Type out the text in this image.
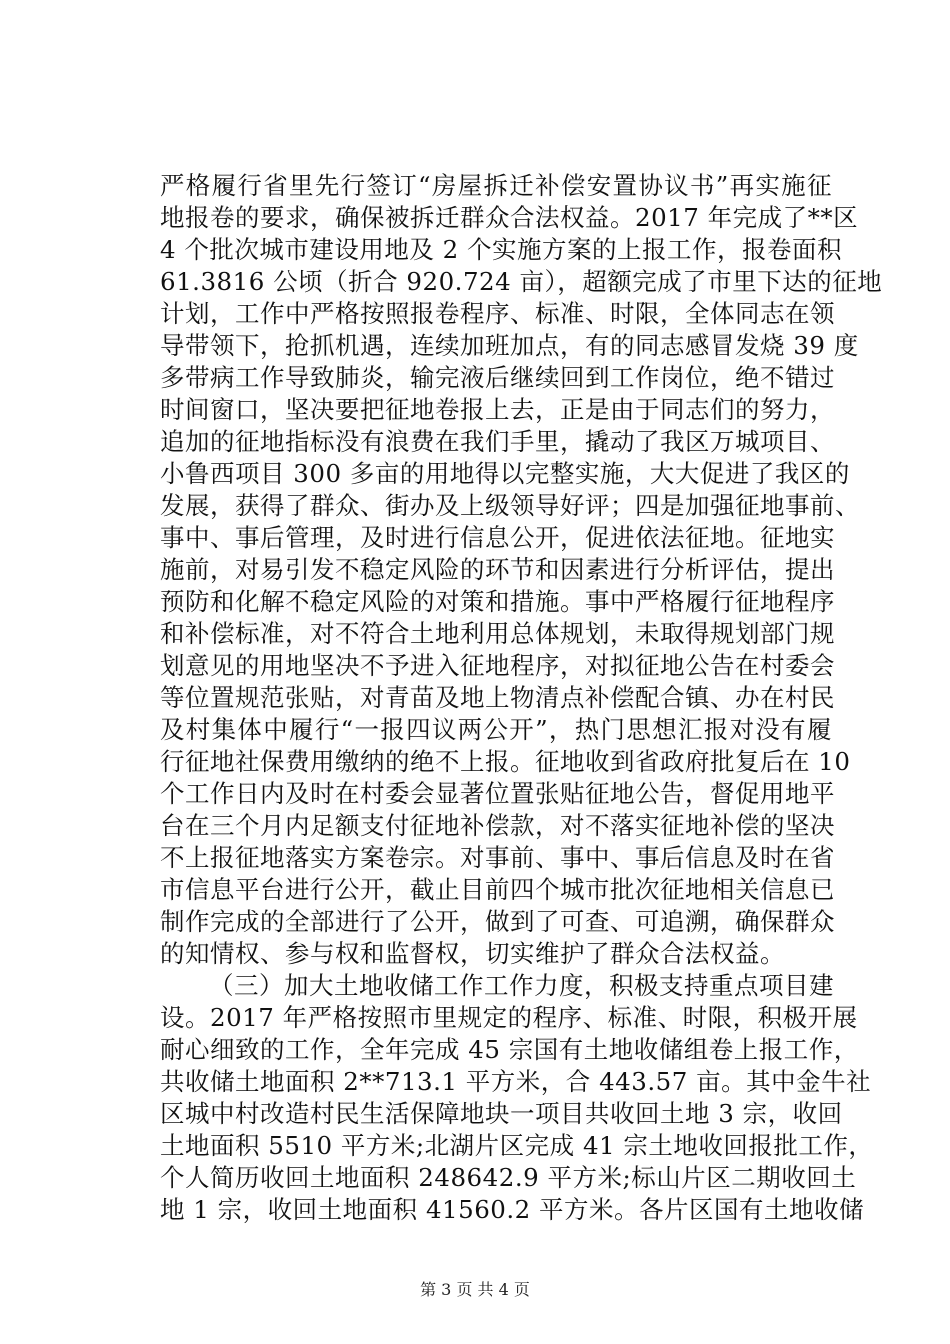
严格履行省里先行签订“房屋拆迁补偿安置协议书”再实施征
地报卷的要求，确保被拆迁群众合法权益。2017 年完成了**区
4 个批次城市建设用地及 2 个实施方案的上报工作，报卷面积
61.3816 公顷（折合 920.724 亩），超额完成了市里下达的征地
计划，工作中严格按照报卷程序、标准、时限，全体同志在领
导带领下，抢抓机遇，连续加班加点，有的同志感冒发烧 39 度
多带病工作导致肺炎，输完液后继续回到工作岗位，绝不错过
时间窗口，坚决要把征地卷报上去，正是由于同志们的努力，
追加的征地指标没有浪费在我们手里，撬动了我区万城项目、
小鲁西项目 300 多亩的用地得以完整实施，大大促进了我区的
发展，获得了群众、街办及上级领导好评；四是加强征地事前、
事中、事后管理，及时进行信息公开，促进依法征地。征地实
施前，对易引发不稳定风险的环节和因素进行分析评估，提出
预防和化解不稳定风险的对策和措施。事中严格履行征地程序
和补偿标准，对不符合土地利用总体规划，未取得规划部门规
划意见的用地坚决不予进入征地程序，对拟征地公告在村委会
等位置规范张贴，对青苗及地上物清点补偿配合镇、办在村民
及村集体中履行“一报四议两公开”，热门思想汇报对没有履
行征地社保费用缴纳的绝不上报。征地收到省政府批复后在 10
个工作日内及时在村委会显著位置张贴征地公告，督促用地平
台在三个月内足额支付征地补偿款，对不落实征地补偿的坚决
不上报征地落实方案卷宗。对事前、事中、事后信息及时在省
市信息平台进行公开，截止目前四个城市批次征地相关信息已
制作完成的全部进行了公开，做到了可查、可追溯，确保群众
的知情权、参与权和监督权，切实维护了群众合法权益。
（三）加大土地收储工作工作力度，积极支持重点项目建
设。2017 年严格按照市里规定的程序、标准、时限，积极开展
耐心细致的工作，全年完成 45 宗国有土地收储组卷上报工作，
共收储土地面积 2**713.1 平方米，合 443.57 亩。其中金牛社
区城中村改造村民生活保障地块一项目共收回土地 3 宗，收回
土地面积 5510 平方米;北湖片区完成 41 宗土地收回报批工作，
个人简历收回土地面积 248642.9 平方米;标山片区二期收回土
地 1 宗，收回土地面积 41560.2 平方米。各片区国有土地收储
第 3 页 共 4 页
